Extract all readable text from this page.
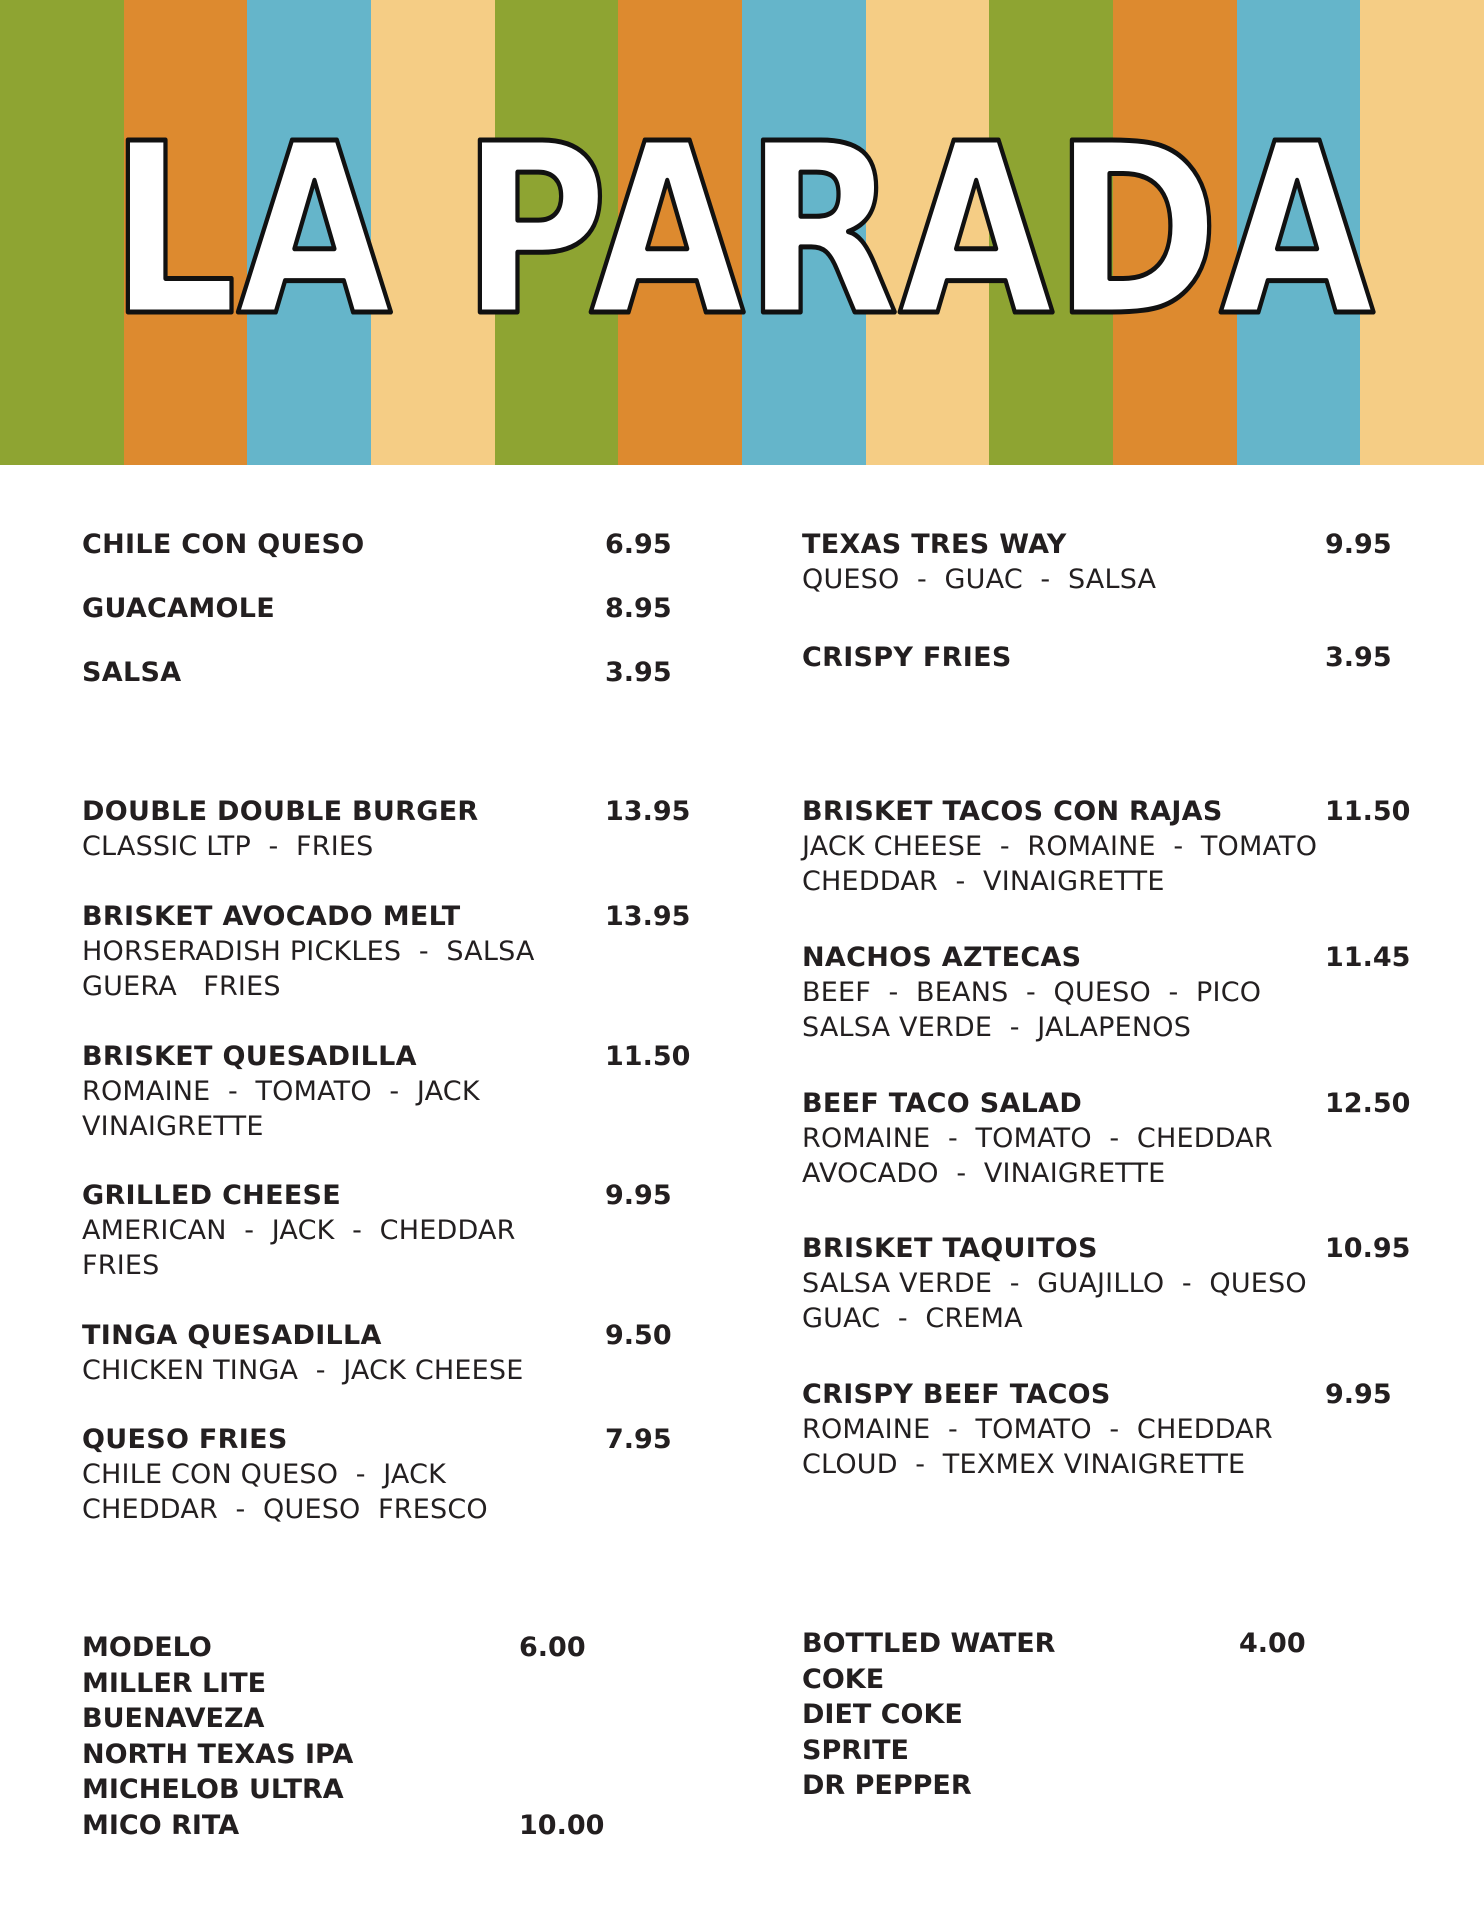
LA PARADA
CHILE CON QUESO	6.95
GUACAMOLE	8.95
SALSA	3.95
TEXAS TRES WAY	9.95
QUESO  -  GUAC  -  SALSA
CRISPY FRIES	3.95
DOUBLE DOUBLE BURGER	13.95
CLASSIC LTP  -  FRIES
BRISKET AVOCADO MELT	13.95
HORSERADISH PICKLES  -  SALSA
GUERA   FRIES
BRISKET QUESADILLA	11.50
ROMAINE  -  TOMATO  -  JACK
VINAIGRETTE
GRILLED CHEESE	9.95
AMERICAN  -  JACK  -  CHEDDAR
FRIES
TINGA QUESADILLA	9.50
CHICKEN TINGA  -  JACK CHEESE
QUESO FRIES	7.95
CHILE CON QUESO  -  JACK
CHEDDAR  -  QUESO  FRESCO
BRISKET TACOS CON RAJAS	11.50
JACK CHEESE  -  ROMAINE  -  TOMATO
CHEDDAR  -  VINAIGRETTE
NACHOS AZTECAS	11.45
BEEF  -  BEANS  -  QUESO  -  PICO
SALSA VERDE  -  JALAPENOS
BEEF TACO SALAD	12.50
ROMAINE  -  TOMATO  -  CHEDDAR
AVOCADO  -  VINAIGRETTE
BRISKET TAQUITOS	10.95
SALSA VERDE  -  GUAJILLO  -  QUESO
GUAC  -  CREMA
CRISPY BEEF TACOS	9.95
ROMAINE  -  TOMATO  -  CHEDDAR
CLOUD  -  TEXMEX VINAIGRETTE
MODELO	6.00
MILLER LITE
BUENAVEZA
NORTH TEXAS IPA
MICHELOB ULTRA
MICO RITA	10.00
BOTTLED WATER	4.00
COKE
DIET COKE
SPRITE
DR PEPPER
